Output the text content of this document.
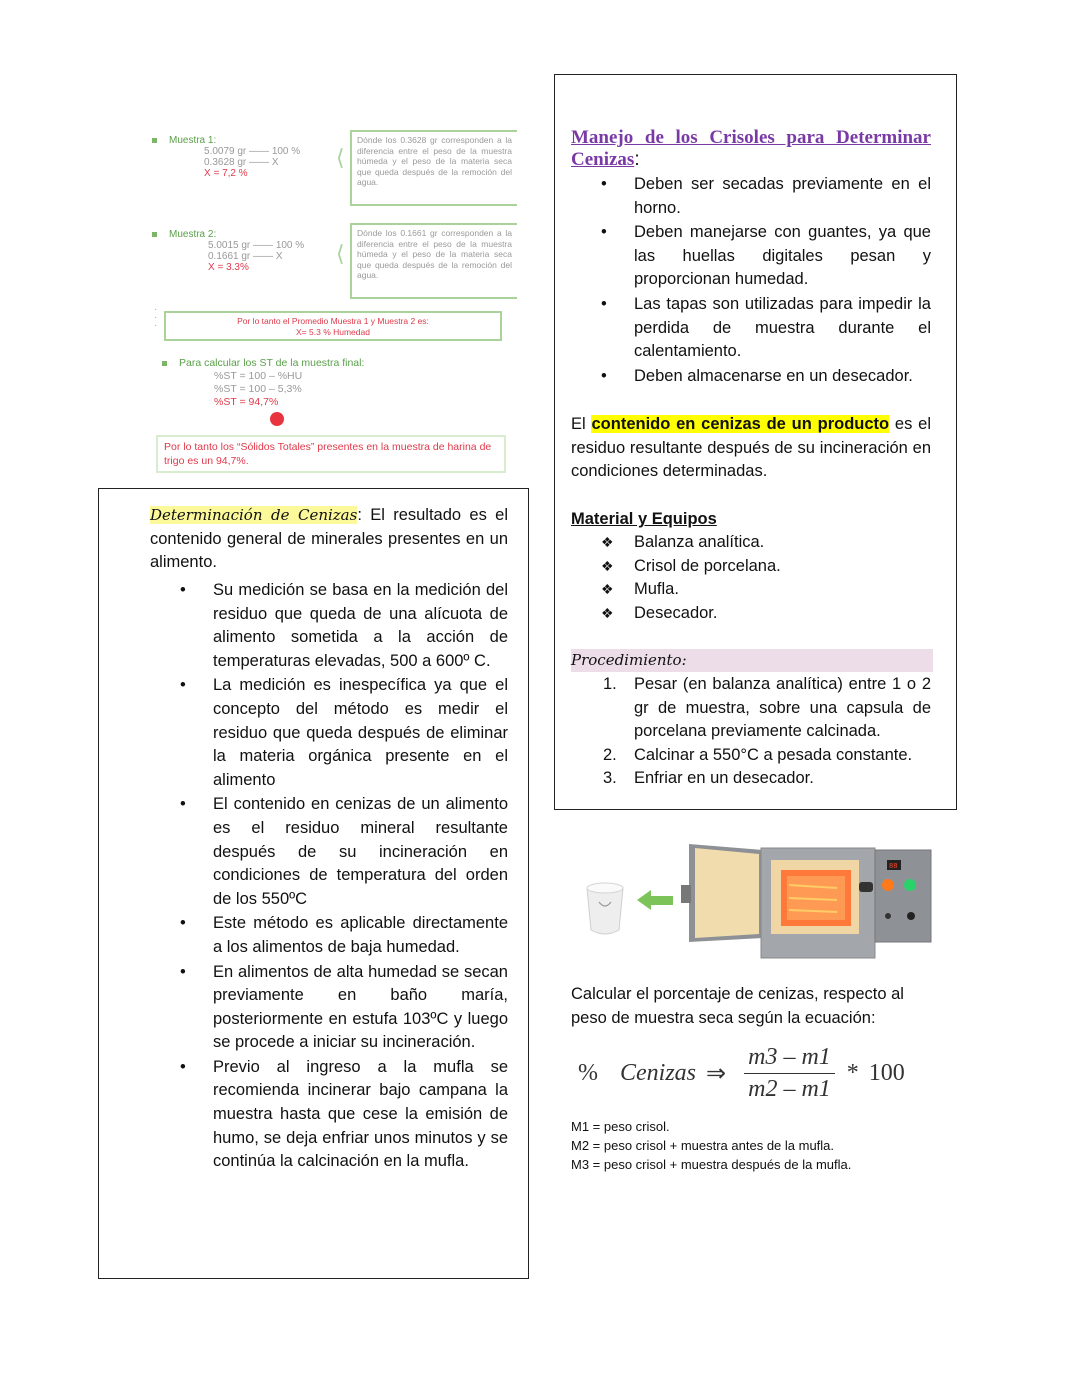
Muestra 1:
5.0079 gr —— 100 %
0.3628 gr —— X
X = 7,2 %
⟨
Dónde los 0.3628 gr corresponden a la diferencia entre el peso de la muestra húmeda y el peso de la materia seca que queda después de la remoción del agua.
Muestra 2:
5.0015 gr —— 100 %
0.1661 gr —— X
X = 3.3%
⟨
Dónde los 0.1661 gr corresponden a la diferencia entre el peso de la muestra húmeda y el peso de la materia seca que queda después de la remoción del agua.
·
·
·	Por lo tanto el Promedio Muestra 1 y Muestra 2 es:
X= 5.3 % Humedad
Para calcular los ST de la muestra final:
%ST = 100 – %HU
%ST = 100 – 5,3%
%ST = 94,7%
Por lo tanto los “Sólidos Totales” presentes en la muestra de harina de trigo es un 94,7%.
Determinación de Cenizas: El resultado es el contenido general de minerales presentes en un alimento.
• Su medición se basa en la medición del residuo que queda de una alícuota de alimento sometida a la acción de temperaturas elevadas, 500 a 600º C.
• La medición es inespecífica ya que el concepto del método es medir el residuo que queda después de eliminar la materia orgánica presente en el alimento
• El contenido en cenizas de un alimento es el residuo mineral resultante después de su incineración en condiciones de temperatura del orden de los 550ºC
• Este método es aplicable directamente a los alimentos de baja humedad.
• En alimentos de alta humedad se secan previamente en baño maría, posteriormente en estufa 103ºC y luego se procede a iniciar su incineración.
• Previo al ingreso a la mufla se recomienda incinerar bajo campana la muestra hasta que cese la emisión de humo, se deja enfriar unos minutos y se continúa la calcinación en la mufla.
Manejo de los Crisoles para Determinar
Cenizas:
• Deben ser secadas previamente en el horno.
• Deben manejarse con guantes, ya que las huellas digitales pesan y proporcionan humedad.
• Las tapas son utilizadas para impedir la perdida de muestra durante el calentamiento.
• Deben almacenarse en un desecador.
El contenido en cenizas de un producto es el residuo resultante después de su incineración en condiciones determinadas.
Material y Equipos
❖ Balanza analítica.
❖ Crisol de porcelana.
❖ Mufla.
❖ Desecador.
Procedimiento:
1. Pesar (en balanza analítica) entre 1 o 2 gr de muestra, sobre una capsula de porcelana previamente calcinada.
2. Calcinar a 550°C a pesada constante.
3. Enfriar en un desecador.
88
Calcular el porcentaje de cenizas, respecto al peso de muestra seca según la ecuación:
% Cenizas ⇒ $\frac{m3 - m1}{m2 - m1} * 100$
M1 = peso crisol.
M2 = peso crisol + muestra antes de la mufla.
M3 = peso crisol + muestra después de la mufla.
